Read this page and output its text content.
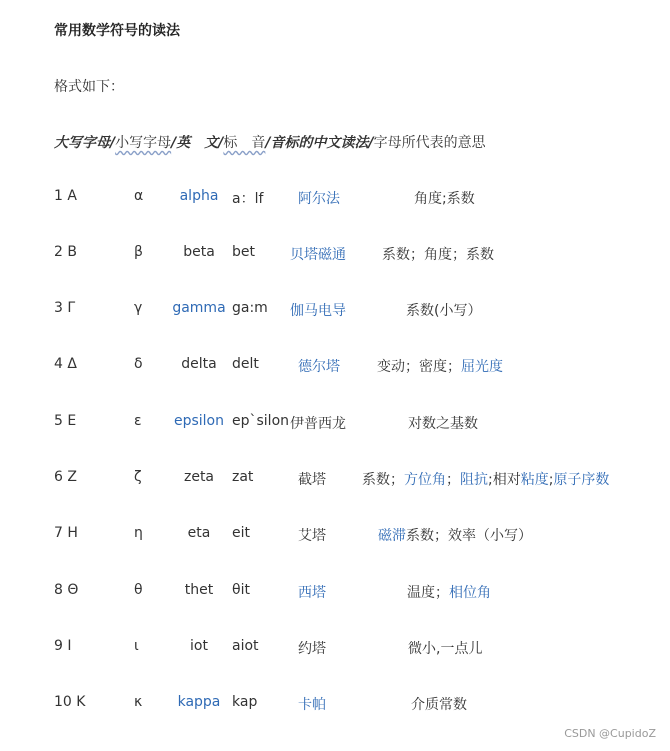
常用数学符号的读法
格式如下：
大写字母/小写字母/英　文/标　音/音标的中文读法/字母所代表的意思
1 Α	α	alpha a：lf 阿尔法	角度;系数
2 Β	β	beta	bet	贝塔磁通	系数；角度；系数
3 Γ	γ	gamma ga:m 伽马电导	系数(小写）
4 Δ	δ	delta	delt	德尔塔	变动；密度；屈光度
5 Ε	ε	epsilon ep`silon 伊普西龙	对数之基数
6 Ζ	ζ	zeta	zat	截塔	系数；方位角；阻抗;相对粘度;原子序数
7 Η	η	eta	eit	艾塔	磁滞系数；效率（小写）
8 Θ	θ	thet	θit	西塔	温度；相位角
9 Ι	ι	iot	aiot	约塔	微小,一点儿
10 Κ	κ	kappa kap	卡帕	介质常数
CSDN @CupidoZ
